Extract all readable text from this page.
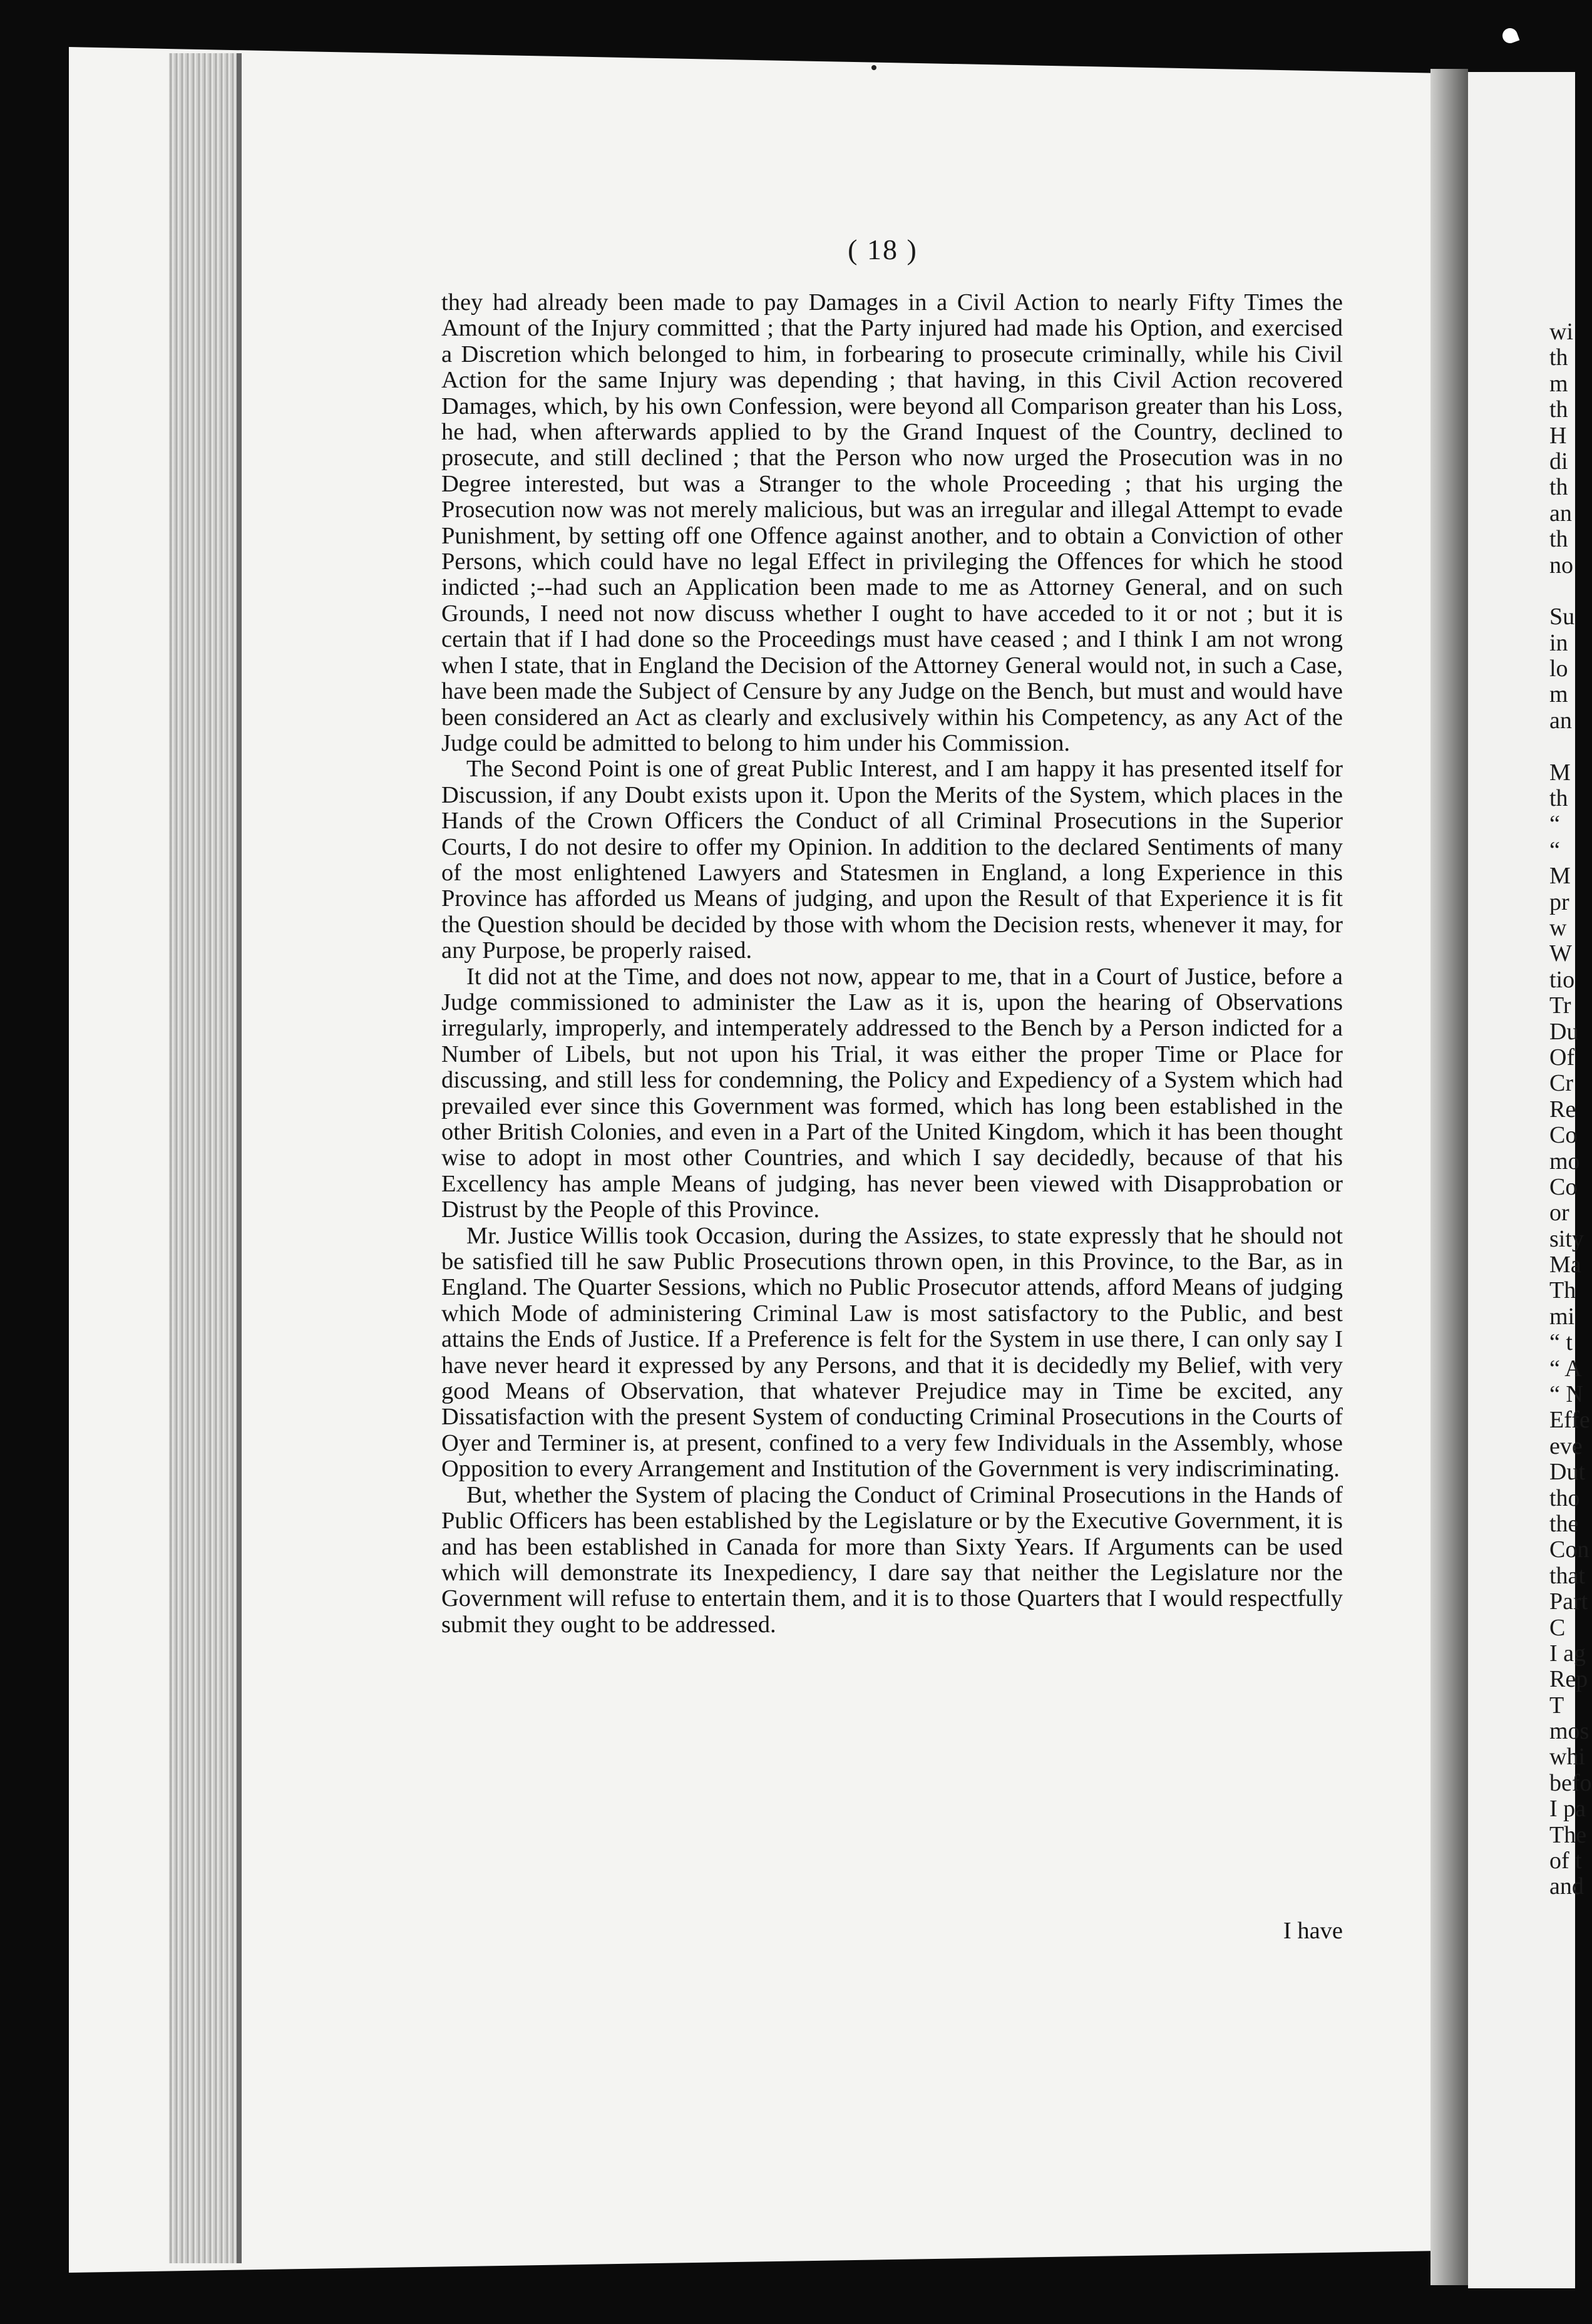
( 18 )

they had already been made to pay Damages in a Civil Action to nearly Fifty Times the Amount of the Injury committed ; that the Party injured had made his Option, and exercised a Discretion which belonged to him, in forbearing to prosecute criminally, while his Civil Action for the same Injury was depending ; that having, in this Civil Action recovered Damages, which, by his own Confession, were beyond all Comparison greater than his Loss, he had, when afterwards applied to by the Grand Inquest of the Country, declined to prosecute, and still declined ; that the Person who now urged the Prosecution was in no Degree interested, but was a Stranger to the whole Proceeding ; that his urging the Prosecution now was not merely malicious, but was an irregular and illegal Attempt to evade Punishment, by setting off one Offence against another, and to obtain a Conviction of other Persons, which could have no legal Effect in privileging the Offences for which he stood indicted ;--had such an Application been made to me as Attorney General, and on such Grounds, I need not now discuss whether I ought to have acceded to it or not ; but it is certain that if I had done so the Proceedings must have ceased ; and I think I am not wrong when I state, that in England the Decision of the Attorney General would not, in such a Case, have been made the Subject of Censure by any Judge on the Bench, but must and would have been considered an Act as clearly and exclusively within his Competency, as any Act of the Judge could be admitted to belong to him under his Commission.

The Second Point is one of great Public Interest, and I am happy it has presented itself for Discussion, if any Doubt exists upon it. Upon the Merits of the System, which places in the Hands of the Crown Officers the Conduct of all Criminal Prosecutions in the Superior Courts, I do not desire to offer my Opinion. In addition to the declared Sentiments of many of the most enlightened Lawyers and Statesmen in England, a long Experience in this Province has afforded us Means of judging, and upon the Result of that Experience it is fit the Question should be decided by those with whom the Decision rests, whenever it may, for any Purpose, be properly raised.

It did not at the Time, and does not now, appear to me, that in a Court of Justice, before a Judge commissioned to administer the Law as it is, upon the hearing of Observations irregularly, improperly, and intemperately addressed to the Bench by a Person indicted for a Number of Libels, but not upon his Trial, it was either the proper Time or Place for discussing, and still less for condemning, the Policy and Expediency of a System which had prevailed ever since this Government was formed, which has long been established in the other British Colonies, and even in a Part of the United Kingdom, which it has been thought wise to adopt in most other Countries, and which I say decidedly, because of that his Excellency has ample Means of judging, has never been viewed with Disapprobation or Distrust by the People of this Province.

Mr. Justice Willis took Occasion, during the Assizes, to state expressly that he should not be satisfied till he saw Public Prosecutions thrown open, in this Province, to the Bar, as in England. The Quarter Sessions, which no Public Prosecutor attends, afford Means of judging which Mode of administering Criminal Law is most satisfactory to the Public, and best attains the Ends of Justice. If a Preference is felt for the System in use there, I can only say I have never heard it expressed by any Persons, and that it is decidedly my Belief, with very good Means of Observation, that whatever Prejudice may in Time be excited, any Dissatisfaction with the present System of conducting Criminal Prosecutions in the Courts of Oyer and Terminer is, at present, confined to a very few Individuals in the Assembly, whose Opposition to every Arrangement and Institution of the Government is very indiscriminating.

But, whether the System of placing the Conduct of Criminal Prosecutions in the Hands of Public Officers has been established by the Legislature or by the Executive Government, it is and has been established in Canada for more than Sixty Years. If Arguments can be used which will demonstrate its Inexpediency, I dare say that neither the Legislature nor the Government will refuse to entertain them, and it is to those Quarters that I would respectfully submit they ought to be addressed.

I have
wi
th
m
th
H
di
th
an
th
no
Su
in
lo
m
an
M
th
“
“
M
pr
w
W
tio
Tr
Du
Of
Cr
Re
Co
mo
Co
or
sity
Ma
Th
mi
“ t
“ A
“ N
Effe
eve
Dut
tho
the
Con
that
Part
C
I ag
Rep
T
mos
whi
befo
I pa
The
of t
and
